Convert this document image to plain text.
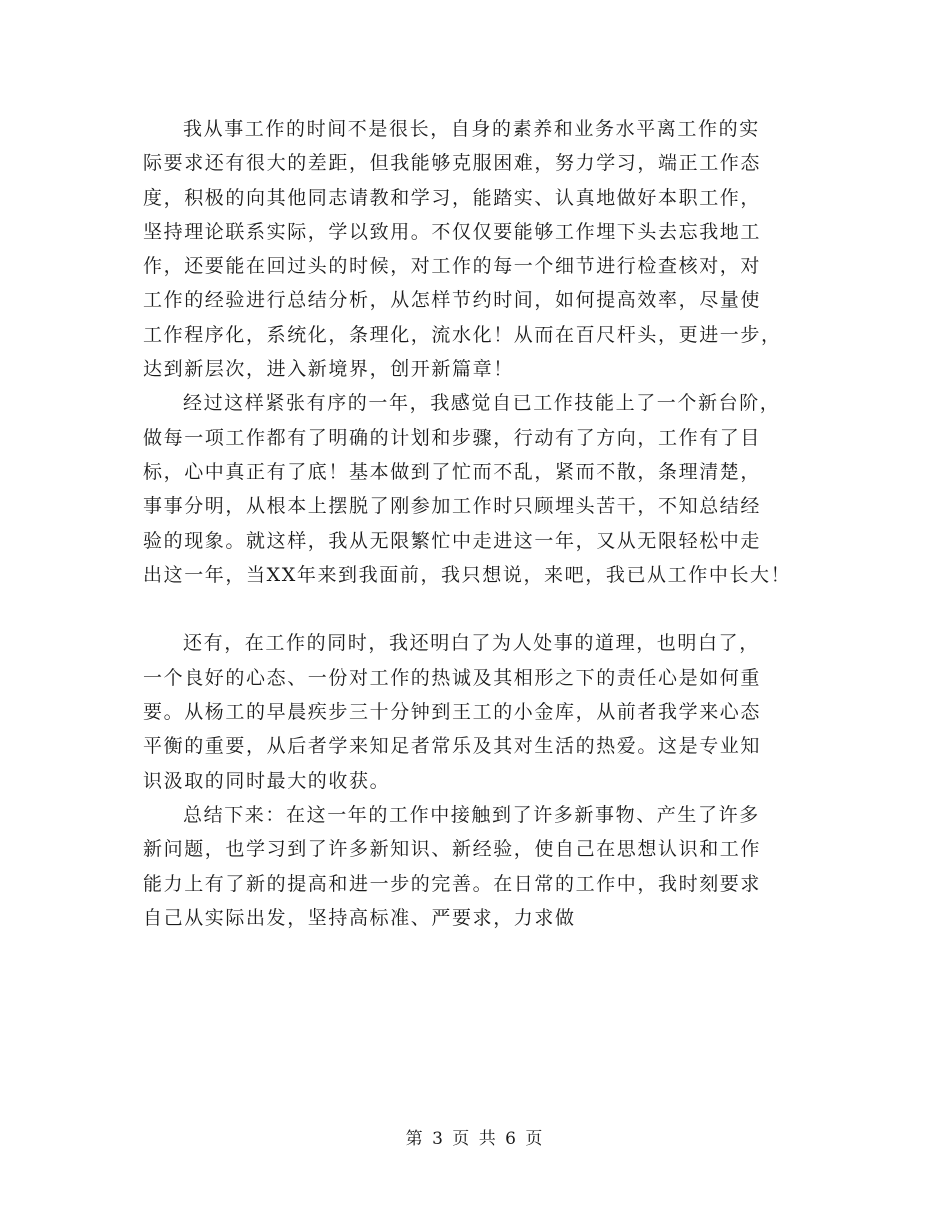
我从事工作的时间不是很长，自身的素养和业务水平离工作的实
际要求还有很大的差距，但我能够克服困难，努力学习，端正工作态
度，积极的向其他同志请教和学习，能踏实、认真地做好本职工作，
坚持理论联系实际，学以致用。不仅仅要能够工作埋下头去忘我地工
作，还要能在回过头的时候，对工作的每一个细节进行检查核对，对
工作的经验进行总结分析，从怎样节约时间，如何提高效率，尽量使
工作程序化，系统化，条理化，流水化！从而在百尺杆头，更进一步，
达到新层次，进入新境界，创开新篇章！
经过这样紧张有序的一年，我感觉自已工作技能上了一个新台阶，
做每一项工作都有了明确的计划和步骤，行动有了方向，工作有了目
标，心中真正有了底！基本做到了忙而不乱，紧而不散，条理清楚，
事事分明，从根本上摆脱了刚参加工作时只顾埋头苦干，不知总结经
验的现象。就这样，我从无限繁忙中走进这一年，又从无限轻松中走
出这一年，当XX年来到我面前，我只想说，来吧，我已从工作中长大！
还有，在工作的同时，我还明白了为人处事的道理，也明白了，
一个良好的心态、一份对工作的热诚及其相形之下的责任心是如何重
要。从杨工的早晨疾步三十分钟到王工的小金库，从前者我学来心态
平衡的重要，从后者学来知足者常乐及其对生活的热爱。这是专业知
识汲取的同时最大的收获。
总结下来：在这一年的工作中接触到了许多新事物、产生了许多
新问题，也学习到了许多新知识、新经验，使自己在思想认识和工作
能力上有了新的提高和进一步的完善。在日常的工作中，我时刻要求
自己从实际出发，坚持高标准、严要求，力求做
第 3 页 共 6 页
